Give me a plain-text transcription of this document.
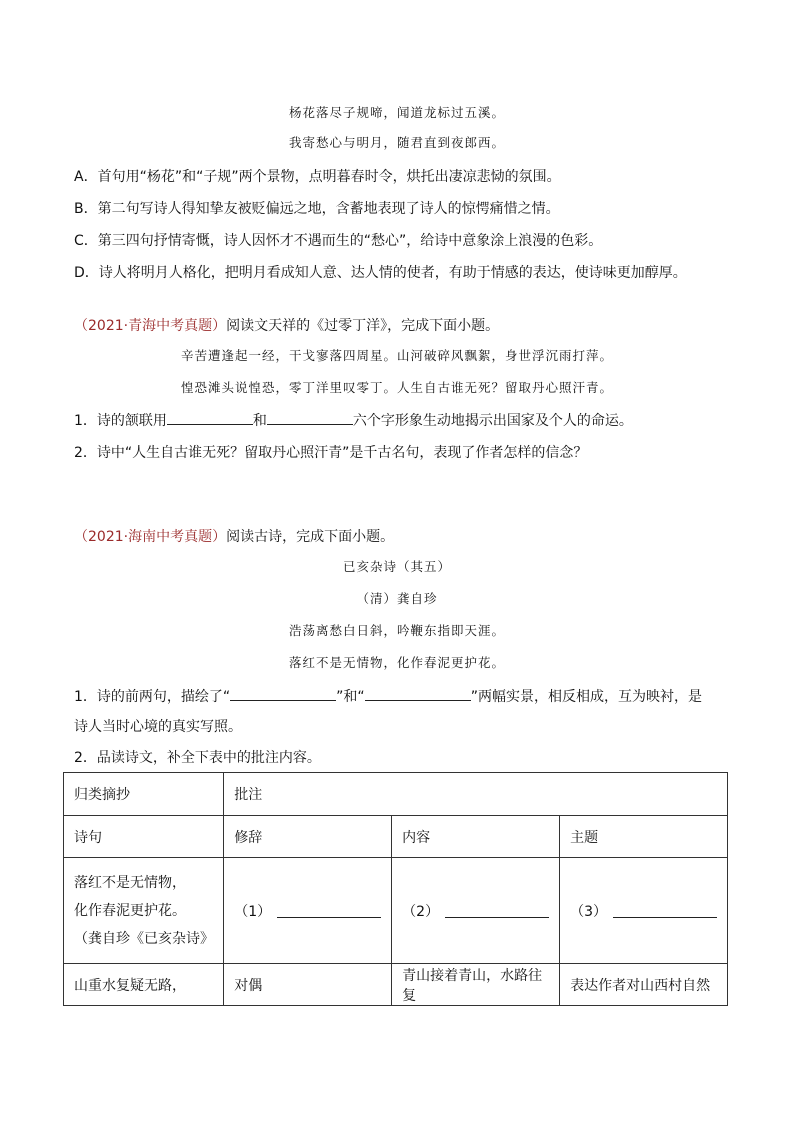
杨花落尽子规啼，闻道龙标过五溪。
我寄愁心与明月，随君直到夜郎西。
A．首句用“杨花”和“子规”两个景物，点明暮春时令，烘托出凄凉悲恸的氛围。
B．第二句写诗人得知挚友被贬偏远之地，含蓄地表现了诗人的惊愕痛惜之情。
C．第三四句抒情寄慨，诗人因怀才不遇而生的“愁心”，给诗中意象涂上浪漫的色彩。
D．诗人将明月人格化，把明月看成知人意、达人情的使者，有助于情感的表达，使诗味更加醇厚。
（2021·青海中考真题）阅读文天祥的《过零丁洋》，完成下面小题。
辛苦遭逢起一经，干戈寥落四周星。山河破碎风飘絮，身世浮沉雨打萍。
惶恐滩头说惶恐，零丁洋里叹零丁。人生自古谁无死？留取丹心照汗青。
1．诗的颔联用	和	六个字形象生动地揭示出国家及个人的命运。
2．诗中“人生自古谁无死？留取丹心照汗青”是千古名句，表现了作者怎样的信念？
（2021·海南中考真题）阅读古诗，完成下面小题。
已亥杂诗（其五）
（清）龚自珍
浩荡离愁白日斜，吟鞭东指即天涯。
落红不是无情物，化作春泥更护花。
1．诗的前两句，描绘了“	”和“	”两幅实景，相反相成，互为映衬，是
诗人当时心境的真实写照。
2．品读诗文，补全下表中的批注内容。
归类摘抄	批注		
诗句	修辞	内容	主题

落红不是无情物，
化作春泥更护花。
（龚自珍《已亥杂诗》	（1）	（2）	（3）

山重水复疑无路，	对偶	青山接着青山，水路往复	表达作者对山西村自然
